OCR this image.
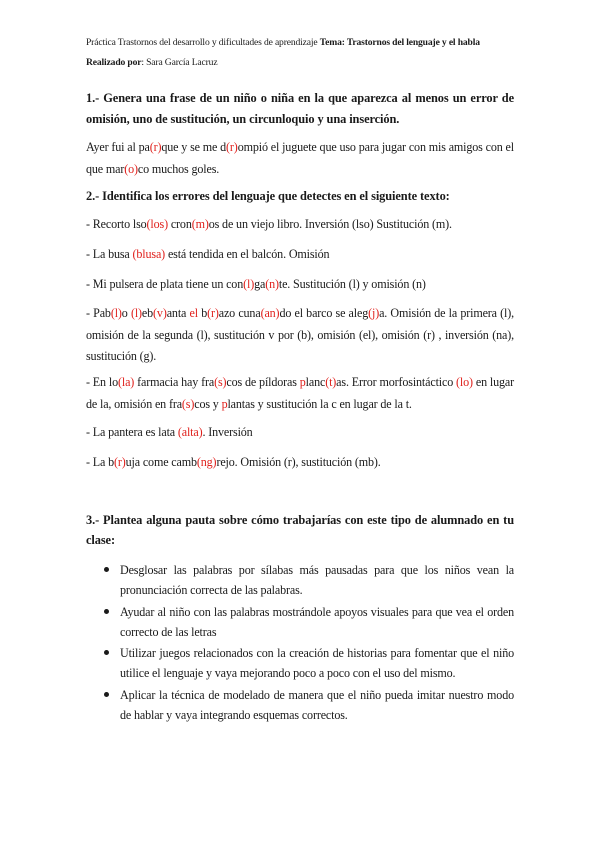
Práctica Trastornos del desarrollo y dificultades de aprendizaje Tema: Trastornos del lenguaje y el habla
Realizado por: Sara García Lacruz
1.- Genera una frase de un niño o niña en la que aparezca al menos un error de
omisión, uno de sustitución, un circunloquio y una inserción.
Ayer fui al pa(r)que y se me d(r)ompió el juguete que uso para jugar con mis amigos con el que mar(o)co muchos goles.
2.- Identifica los errores del lenguaje que detectes en el siguiente texto:
- Recorto lso(los) cron(m)os de un viejo libro. Inversión (lso) Sustitución (m).
- La busa (blusa) está tendida en el balcón. Omisión
- Mi pulsera de plata tiene un con(l)ga(n)te. Sustitución (l) y omisión (n)
- Pab(l)o (l)eb(v)anta el b(r)azo cuna(an)do el barco se aleg(j)a. Omisión de la primera (l), omisión de la segunda (l), sustitución v por (b), omisión (el), omisión (r) , inversión (na), sustitución (g).
- En lo(la) farmacia hay fra(s)cos de píldoras planc(t)as. Error morfosintáctico (lo) en lugar de la, omisión en fra(s)cos y plantas y sustitución la c en lugar de la t.
- La pantera es lata (alta). Inversión
- La b(r)uja come camb(ng)rejo. Omisión (r), sustitución (mb).
3.- Plantea alguna pauta sobre cómo trabajarías con este tipo de alumnado en tu
clase:
Desglosar las palabras por sílabas más pausadas para que los niños vean la pronunciación correcta de las palabras.
Ayudar al niño con las palabras mostrándole apoyos visuales para que vea el orden correcto de las letras
Utilizar juegos relacionados con la creación de historias para fomentar que el niño utilice el lenguaje y vaya mejorando poco a poco con el uso del mismo.
Aplicar la técnica de modelado de manera que el niño pueda imitar nuestro modo de hablar y vaya integrando esquemas correctos.
